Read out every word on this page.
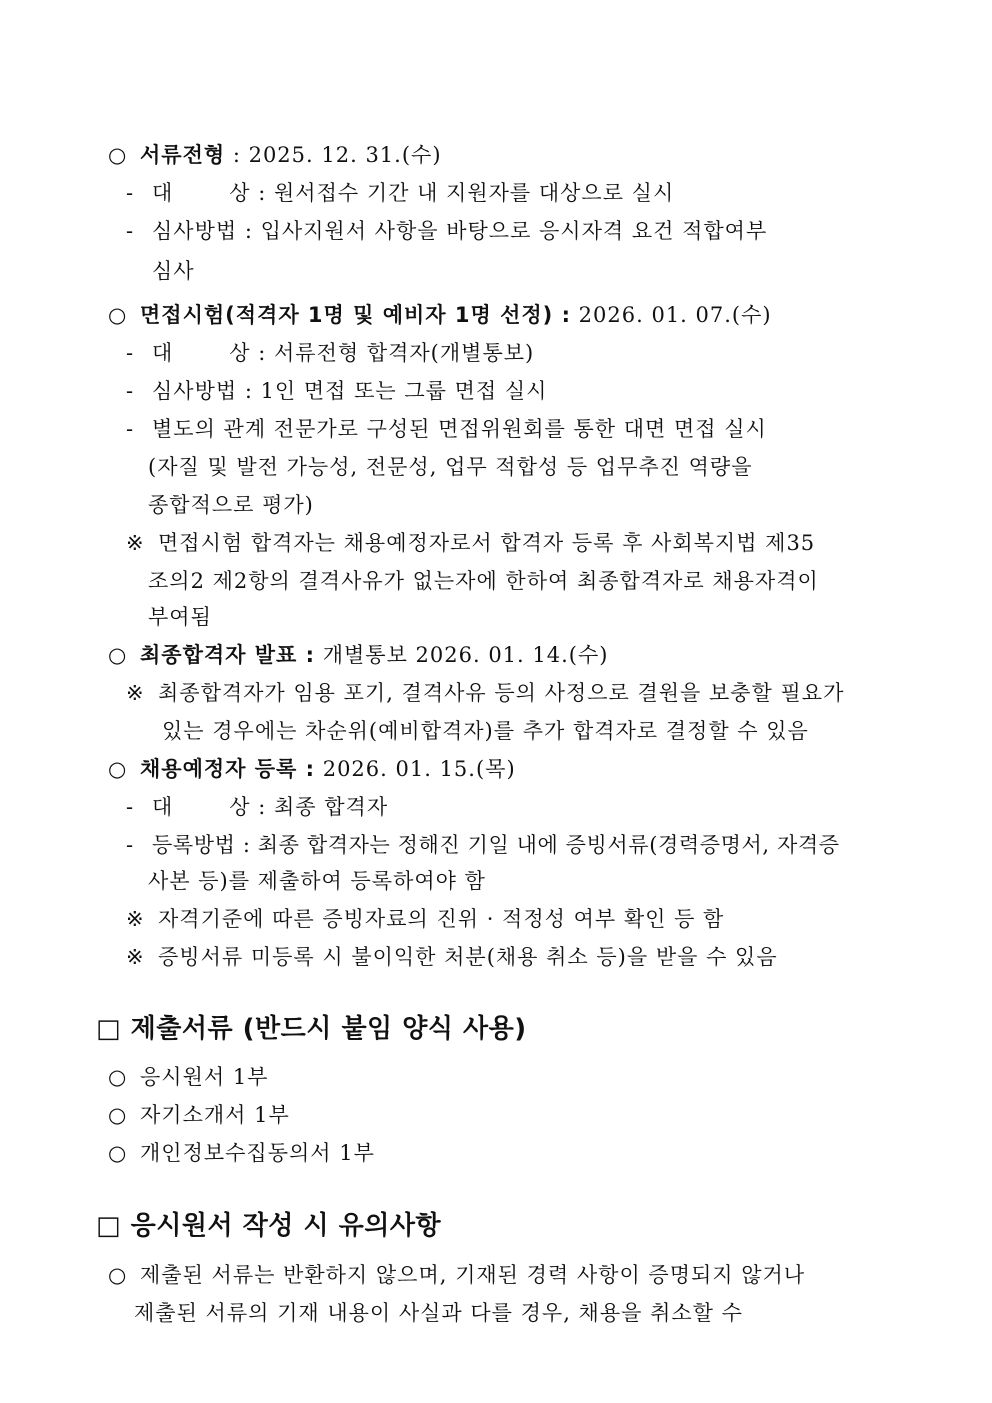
○ 서류전형 : 2025. 12. 31.(수)
- 대	상 : 원서접수 기간 내 지원자를 대상으로 실시
- 심사방법 : 입사지원서 사항을 바탕으로 응시자격 요건 적합여부
심사
○ 면접시험(적격자 1명 및 예비자 1명 선정) : 2026. 01. 07.(수)
- 대	상 : 서류전형 합격자(개별통보)
- 심사방법 : 1인 면접 또는 그룹 면접 실시
- 별도의 관계 전문가로 구성된 면접위원회를 통한 대면 면접 실시
(자질 및 발전 가능성, 전문성, 업무 적합성 등 업무추진 역량을
종합적으로 평가)
※ 면접시험 합격자는 채용예정자로서 합격자 등록 후 사회복지법 제35
조의2 제2항의 결격사유가 없는자에 한하여 최종합격자로 채용자격이
부여됨
○ 최종합격자 발표 : 개별통보 2026. 01. 14.(수)
※ 최종합격자가 임용 포기, 결격사유 등의 사정으로 결원을 보충할 필요가
있는 경우에는 차순위(예비합격자)를 추가 합격자로 결정할 수 있음
○ 채용예정자 등록 : 2026. 01. 15.(목)
- 대	상 : 최종 합격자
- 등록방법 : 최종 합격자는 정해진 기일 내에 증빙서류(경력증명서, 자격증
사본 등)를 제출하여 등록하여야 함
※ 자격기준에 따른 증빙자료의 진위 · 적정성 여부 확인 등 함
※ 증빙서류 미등록 시 불이익한 처분(채용 취소 등)을 받을 수 있음
□ 제출서류 (반드시 붙임 양식 사용)
○ 응시원서 1부
○ 자기소개서 1부
○ 개인정보수집동의서 1부
□ 응시원서 작성 시 유의사항
○ 제출된 서류는 반환하지 않으며, 기재된 경력 사항이 증명되지 않거나
제출된 서류의 기재 내용이 사실과 다를 경우, 채용을 취소할 수
